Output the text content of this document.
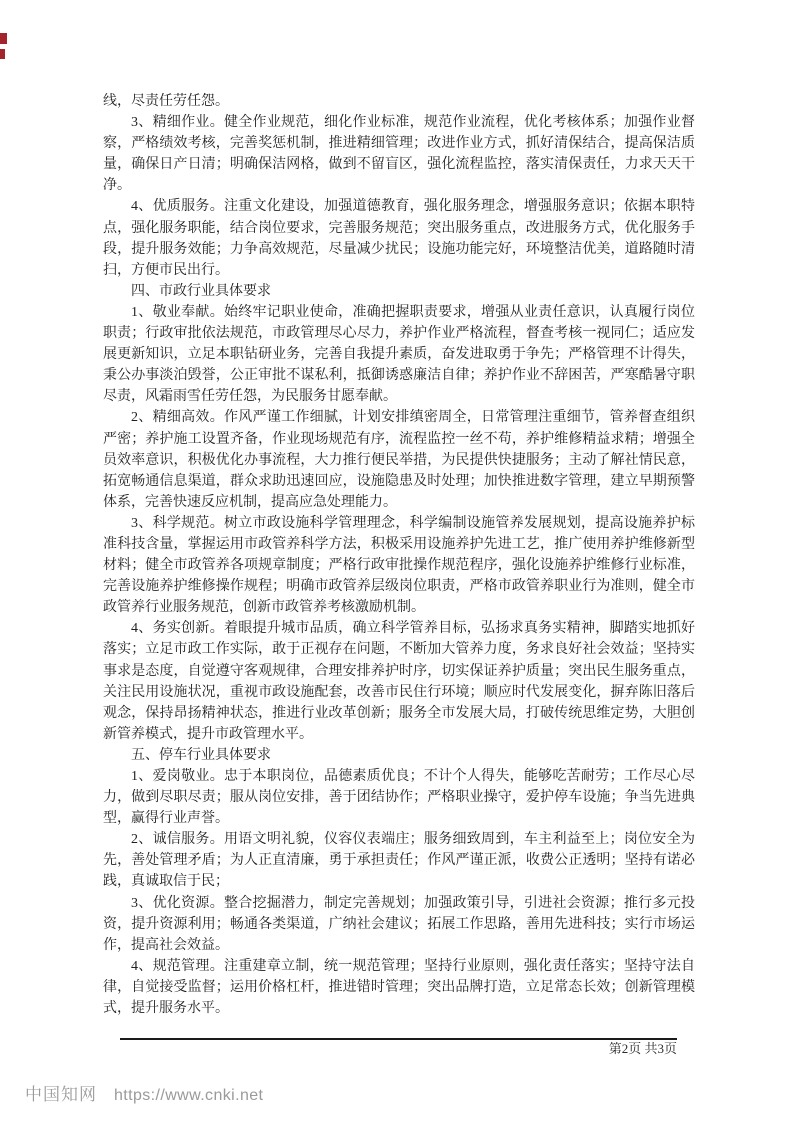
线，尽责任劳任怨。

3、精细作业。健全作业规范，细化作业标准，规范作业流程，优化考核体系；加强作业督察，严格绩效考核，完善奖惩机制，推进精细管理；改进作业方式，抓好清保结合，提高保洁质量，确保日产日清；明确保洁网格，做到不留盲区，强化流程监控，落实清保责任，力求天天干净。

4、优质服务。注重文化建设，加强道德教育，强化服务理念，增强服务意识；依据本职特点，强化服务职能，结合岗位要求，完善服务规范；突出服务重点，改进服务方式，优化服务手段，提升服务效能；力争高效规范，尽量减少扰民；设施功能完好，环境整洁优美，道路随时清扫，方便市民出行。

四、市政行业具体要求

1、敬业奉献。始终牢记职业使命，准确把握职责要求，增强从业责任意识，认真履行岗位职责；行政审批依法规范，市政管理尽心尽力，养护作业严格流程，督查考核一视同仁；适应发展更新知识，立足本职钻研业务，完善自我提升素质，奋发进取勇于争先；严格管理不计得失，秉公办事淡泊毁誉，公正审批不谋私利，抵御诱惑廉洁自律；养护作业不辞困苦，严寒酷暑守职尽责，风霜雨雪任劳任怨，为民服务甘愿奉献。

2、精细高效。作风严谨工作细腻，计划安排缜密周全，日常管理注重细节，管养督查组织严密；养护施工设置齐备，作业现场规范有序，流程监控一丝不苟，养护维修精益求精；增强全员效率意识，积极优化办事流程，大力推行便民举措，为民提供快捷服务；主动了解社情民意，拓宽畅通信息渠道，群众求助迅速回应，设施隐患及时处理；加快推进数字管理，建立早期预警体系，完善快速反应机制，提高应急处理能力。

3、科学规范。树立市政设施科学管理理念，科学编制设施管养发展规划，提高设施养护标准科技含量，掌握运用市政管养科学方法，积极采用设施养护先进工艺，推广使用养护维修新型材料；健全市政管养各项规章制度；严格行政审批操作规范程序，强化设施养护维修行业标准，完善设施养护维修操作规程；明确市政管养层级岗位职责，严格市政管养职业行为准则，健全市政管养行业服务规范，创新市政管养考核激励机制。

4、务实创新。着眼提升城市品质，确立科学管养目标，弘扬求真务实精神，脚踏实地抓好落实；立足市政工作实际，敢于正视存在问题，不断加大管养力度，务求良好社会效益；坚持实事求是态度，自觉遵守客观规律，合理安排养护时序，切实保证养护质量；突出民生服务重点，关注民用设施状况，重视市政设施配套，改善市民住行环境；顺应时代发展变化，摒弃陈旧落后观念，保持昂扬精神状态，推进行业改革创新；服务全市发展大局，打破传统思维定势，大胆创新管养模式，提升市政管理水平。

五、停车行业具体要求

1、爱岗敬业。忠于本职岗位，品德素质优良；不计个人得失，能够吃苦耐劳；工作尽心尽力，做到尽职尽责；服从岗位安排，善于团结协作；严格职业操守，爱护停车设施；争当先进典型，赢得行业声誉。

2、诚信服务。用语文明礼貌，仪容仪表端庄；服务细致周到，车主利益至上；岗位安全为先，善处管理矛盾；为人正直清廉，勇于承担责任；作风严谨正派，收费公正透明；坚持有诺必践，真诚取信于民；

3、优化资源。整合挖掘潜力，制定完善规划；加强政策引导，引进社会资源；推行多元投资，提升资源利用；畅通各类渠道，广纳社会建议；拓展工作思路，善用先进科技；实行市场运作，提高社会效益。

4、规范管理。注重建章立制，统一规范管理；坚持行业原则，强化责任落实；坚持守法自律，自觉接受监督；运用价格杠杆，推进错时管理；突出品牌打造，立足常态长效；创新管理模式，提升服务水平。

第2页 共3页
中国知网 https://www.cnki.net
